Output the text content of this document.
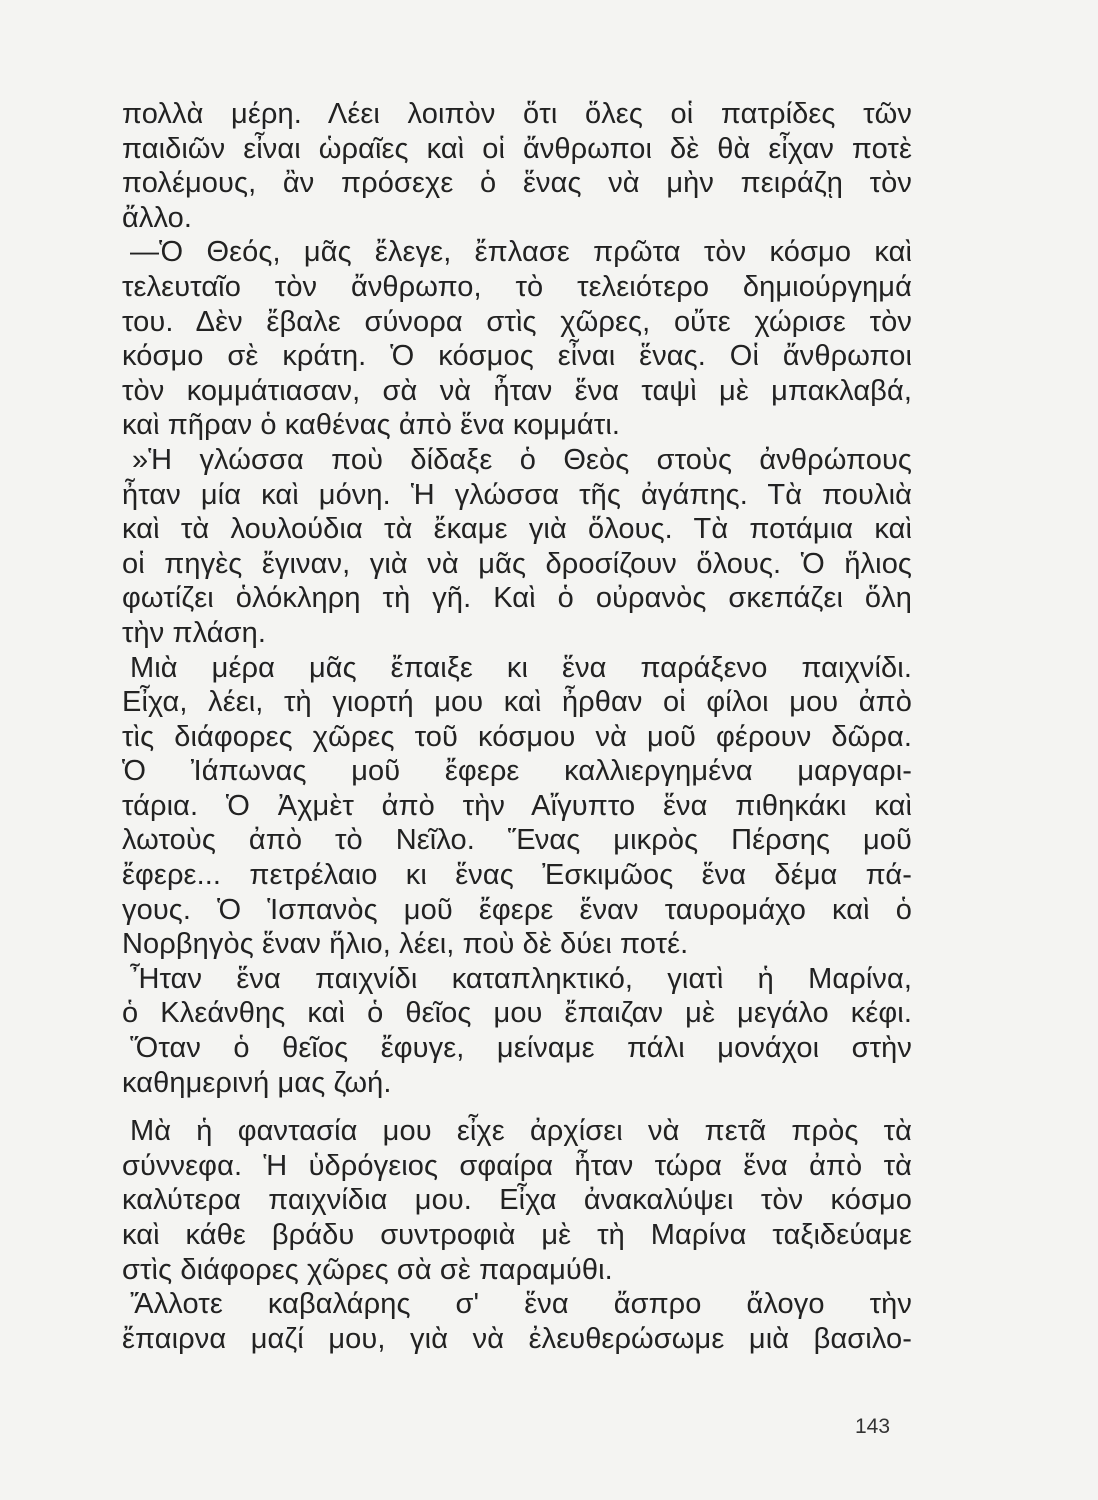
πολλὰ μέρη. Λέει λοιπὸν ὅτι ὅλες οἱ πατρίδες τῶν
παιδιῶν εἶναι ὡραῖες καὶ οἱ ἄνθρωποι δὲ θὰ εἶχαν ποτὲ
πολέμους, ἂν πρόσεχε ὁ ἕνας νὰ μὴν πειράζῃ τὸν
ἄλλο.
—Ὁ Θεός, μᾶς ἔλεγε, ἔπλασε πρῶτα τὸν κόσμο καὶ
τελευταῖο τὸν ἄνθρωπο, τὸ τελειότερο δημιούργημά
του. Δὲν ἔβαλε σύνορα στὶς χῶρες, οὔτε χώρισε τὸν
κόσμο σὲ κράτη. Ὁ κόσμος εἶναι ἕνας. Οἱ ἄνθρωποι
τὸν κομμάτιασαν, σὰ νὰ ἦταν ἕνα ταψὶ μὲ μπακλαβά,
καὶ πῆραν ὁ καθένας ἀπὸ ἕνα κομμάτι.
»Ἡ γλώσσα ποὺ δίδαξε ὁ Θεὸς στοὺς ἀνθρώπους
ἦταν μία καὶ μόνη. Ἡ γλώσσα τῆς ἀγάπης. Τὰ πουλιὰ
καὶ τὰ λουλούδια τὰ ἔκαμε γιὰ ὅλους. Τὰ ποτάμια καὶ
οἱ πηγὲς ἔγιναν, γιὰ νὰ μᾶς δροσίζουν ὅλους. Ὁ ἥλιος
φωτίζει ὁλόκληρη τὴ γῆ. Καὶ ὁ οὐρανὸς σκεπάζει ὅλη
τὴν πλάση.
Μιὰ μέρα μᾶς ἔπαιξε κι ἕνα παράξενο παιχνίδι.
Εἶχα, λέει, τὴ γιορτή μου καὶ ἦρθαν οἱ φίλοι μου ἀπὸ
τὶς διάφορες χῶρες τοῦ κόσμου νὰ μοῦ φέρουν δῶρα.
Ὁ Ἰάπωνας μοῦ ἔφερε καλλιεργημένα μαργαρι-
τάρια. Ὁ Ἀχμὲτ ἀπὸ τὴν Αἴγυπτο ἕνα πιθηκάκι καὶ
λωτοὺς ἀπὸ τὸ Νεῖλο. Ἕνας μικρὸς Πέρσης μοῦ
ἔφερε... πετρέλαιο κι ἕνας Ἐσκιμῶος ἕνα δέμα πά-
γους. Ὁ Ἱσπανὸς μοῦ ἔφερε ἕναν ταυρομάχο καὶ ὁ
Νορβηγὸς ἕναν ἥλιο, λέει, ποὺ δὲ δύει ποτέ.
Ἦταν ἕνα παιχνίδι καταπληκτικό, γιατὶ ἡ Μαρίνα,
ὁ Κλεάνθης καὶ ὁ θεῖος μου ἔπαιζαν μὲ μεγάλο κέφι.
Ὅταν ὁ θεῖος ἔφυγε, μείναμε πάλι μονάχοι στὴν
καθημερινή μας ζωή.
Μὰ ἡ φαντασία μου εἶχε ἀρχίσει νὰ πετᾶ πρὸς τὰ
σύννεφα. Ἡ ὑδρόγειος σφαίρα ἦταν τώρα ἕνα ἀπὸ τὰ
καλύτερα παιχνίδια μου. Εἶχα ἀνακαλύψει τὸν κόσμο
καὶ κάθε βράδυ συντροφιὰ μὲ τὴ Μαρίνα ταξιδεύαμε
στὶς διάφορες χῶρες σὰ σὲ παραμύθι.
Ἄλλοτε καβαλάρης σ' ἕνα ἄσπρο ἄλογο τὴν
ἔπαιρνα μαζί μου, γιὰ νὰ ἐλευθερώσωμε μιὰ βασιλο-
143
